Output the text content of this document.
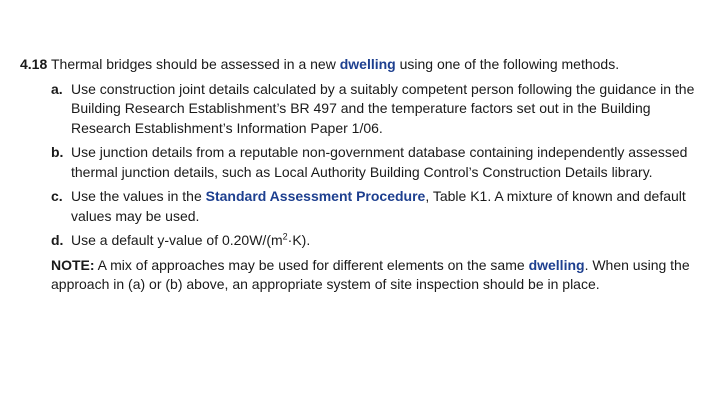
4.18 Thermal bridges should be assessed in a new dwelling using one of the following methods.
a. Use construction joint details calculated by a suitably competent person following the guidance in the Building Research Establishment’s BR 497 and the temperature factors set out in the Building Research Establishment’s Information Paper 1/06.
b. Use junction details from a reputable non-government database containing independently assessed thermal junction details, such as Local Authority Building Control’s Construction Details library.
c. Use the values in the Standard Assessment Procedure, Table K1. A mixture of known and default values may be used.
d. Use a default y-value of $0.20W/(m^2\cdot K)$.
NOTE: A mix of approaches may be used for different elements on the same dwelling. When using the approach in (a) or (b) above, an appropriate system of site inspection should be in place.
